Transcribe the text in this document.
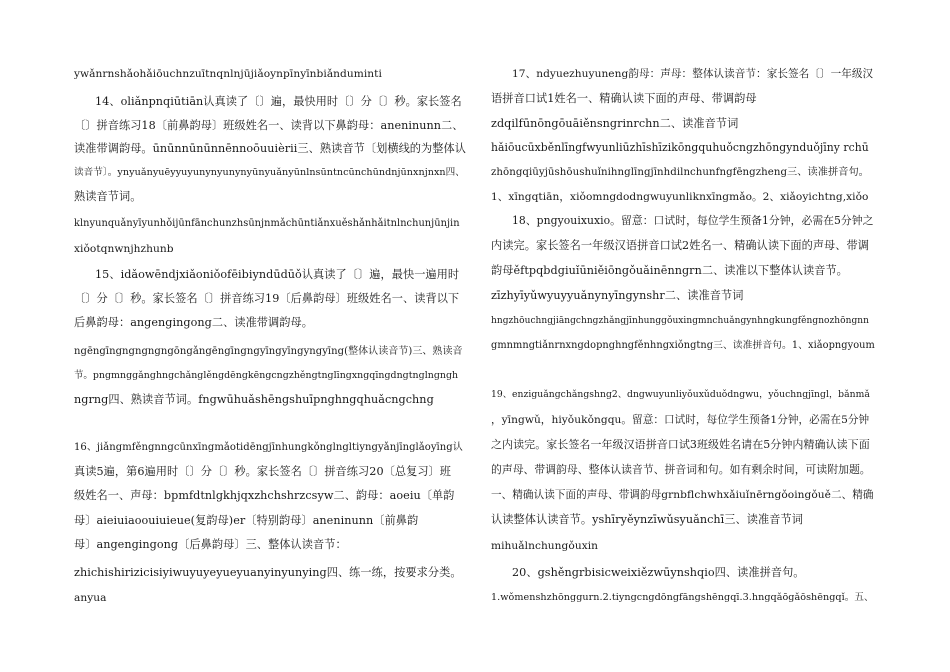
ywǎnrnshǎohǎiōuchnzuītnqnlnjūjiǎoynpīnyīnbiǎnduminti
14、oliǎnpnqiūtiān认真读了〔〕遍，最快用时〔〕分〔〕秒。家长签名
〔〕拼音练习18〔前鼻韵母〕班级姓名一、读背以下鼻韵母：aneninunn二、
读准带调韵母。ūnūnnūnūnnēnnoōuuièrii三、熟读音节〔划横线的为整体认
读音节〕。ynyuǎnyuēyyuyunynyunynyūnyuǎnyūnlnsūntncūnchūndnjūnxnjnxn四、
熟读音节词。
klnyunquǎnyīyunhǒijūnfānchunzhsūnjnmǎchūntiǎnxuěshǎnhǎitnlnchunjūnjin
xiǒotqnwnjhzhunb
15、idǎowēndjxiǎoniǒofēibiyndūdūǒ认真读了〔〕遍，最快一遍用时
〔〕分〔〕秒。家长签名〔〕拼音练习19〔后鼻韵母〕班级姓名一、读背以下
后鼻韵母：angengingong二、读准带调韵母。
ngēngīngngngngngōngǎngēngīngngyīngyīngyngyīng(整体认读音节)三、熟读音
节。pngmnggǎnghngchǎnglěngdēngkēngcngzhěngtnglīngxngqīngdngtnglngngh
ngrng四、熟读音节词。fngwūhuǎshēngshuīpnghngqhuǎcngchng
16、jiǎngmfěngnngcūnxīngmǎotidēngjīnhungkǒnglngltiyngyǎnjīnglǎoyīng认
真读5遍，第6遍用时〔〕分〔〕秒。家长签名〔〕拼音练习20〔总复习〕班
级姓名一、声母：bpmfdtnlgkhjqxzhchshrzcsyw二、韵母：aoeiu〔单韵
母〕aieiuiaoouiuieue(复韵母)er〔特别韵母〕aneninunn〔前鼻韵
母〕angengingong〔后鼻韵母〕三、整体认读音节：
zhichishirizicisiyiwuyuyeyueyuanyinyunying四、练一练，按要求分类。
anyua
17、ndyuezhuyuneng韵母：声母：整体认读音节：家长签名〔〕一年级汉
语拼音口试1姓名一、精确认读下面的声母、带调韵母
zdqilfūnōngōuāiěnsngrinrchn二、读准音节词
hǎiōucūxběnlīngfwyunliūzhīshīzikōngquhuǒcngzhōngynduǒjīny rchū
zhōngqiūyjūshōushuǐnihnglīngjīnhdilnchunfngfēngzheng三、读准拼音句。
1、xīngqtiān，xiǒomngdodngwuyunliknxīngmǎo。2、xiǎoyichtng,xiǒo
18、pngyouixuxio。留意：口试时，每位学生预备1分钟，必需在5分钟之
内读完。家长签名一年级汉语拼音口试2姓名一、精确认读下面的声母、带调
韵母ěftpqbdgiuǐūniěiōngǒuǎinēnngrn二、读准以下整体认读音节。
zīzhyīyǔwyuyyuǎnynyīngynshr二、读准音节词
hngzhōuchngjiāngchngzhǎngjīnhunggǒuxingmnchuǎngynhngkungfěngnozhōngnn
gmnmngtiǎnrnxngdopnghngfěnhngxiǒngtng三、读准拼音句。1、xiǎopngyoum
19、enziguǎngchǎngshng2、dngwuyunliyǒuxǔduǒdngwu，yǒuchngjīngl，bǎnmǎ
，yīngwǔ，hiyǒukǒngqu。留意：口试时，每位学生预备1分钟，必需在5分钟
之内读完。家长签名一年级汉语拼音口试3班级姓名请在5分钟内精确认读下面
的声母、带调韵母、整体认读音节、拼音词和句。如有剩余时间，可读附加题。
一、精确认读下面的声母、带调韵母grnbflchwhxǎiuǐnērngǒoingǒuě二、精确
认读整体认读音节。yshīryěynzīwǔsyuǎnchī三、读准音节词
mihuǎlnchungǒuxin
20、gshěngrbisicweixiězwūynshqio四、读准拼音句。
1.wǒmenshzhōnggurn.2.tiyngcngdōngfāngshēngqī.3.hngqǎōgǎōshēngqǐ。五、
